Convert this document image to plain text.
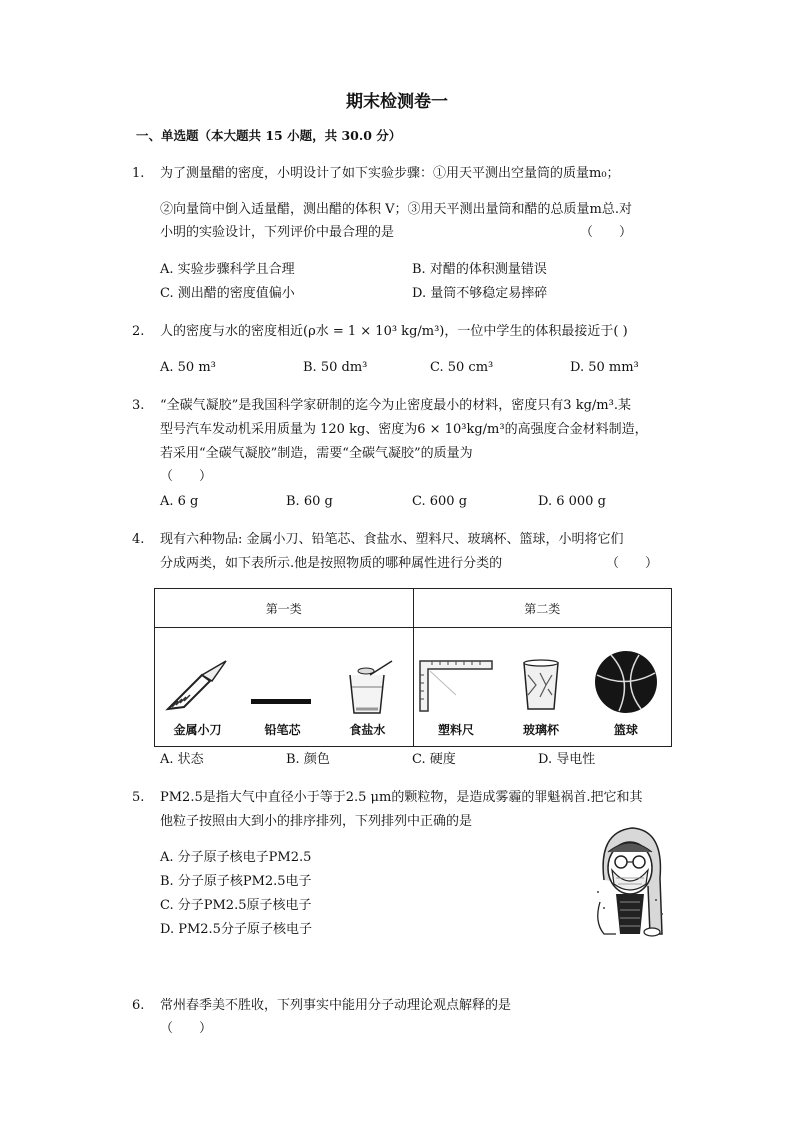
期末检测卷一
一、单选题（本大题共 15 小题，共 30.0 分）
1. 为了测量醋的密度，小明设计了如下实验步骤：①用天平测出空量筒的质量m₀；
②向量筒中倒入适量醋，测出醋的体积 V；③用天平测出量筒和醋的总质量m总.对
小明的实验设计，下列评价中最合理的是	（　　）
A. 实验步骤科学且合理	B. 对醋的体积测量错误
C. 测出醋的密度值偏小	D. 量筒不够稳定易摔碎
2. 人的密度与水的密度相近(ρ水 = 1 × 10³ kg/m³)，一位中学生的体积最接近于( )
A. 50 m³	B. 50 dm³	C. 50 cm³	D. 50 mm³
3. “全碳气凝胶”是我国科学家研制的迄今为止密度最小的材料，密度只有3 kg/m³.某
型号汽车发动机采用质量为 120 kg、密度为6 × 10³kg/m³的高强度合金材料制造，
若采用“全碳气凝胶”制造，需要“全碳气凝胶”的质量为
（　　）
A. 6 g	B. 60 g	C. 600 g	D. 6 000 g
4. 现有六种物品: 金属小刀、铅笔芯、食盐水、塑料尺、玻璃杯、篮球，小明将它们
分成两类，如下表所示.他是按照物质的哪种属性进行分类的	（　　）
第一类	第二类

金属小刀 铅笔芯 食盐水	塑料尺 玻璃杯 篮球
A. 状态	B. 颜色	C. 硬度	D. 导电性
5. PM2.5是指大气中直径小于等于2.5 μm的颗粒物，是造成雾霾的罪魁祸首.把它和其
他粒子按照由大到小的排序排列，下列排列中正确的是
A. 分子原子核电子PM2.5
B. 分子原子核PM2.5电子
C. 分子PM2.5原子核电子
D. PM2.5分子原子核电子
6. 常州春季美不胜收，下列事实中能用分子动理论观点解释的是
（　　）
